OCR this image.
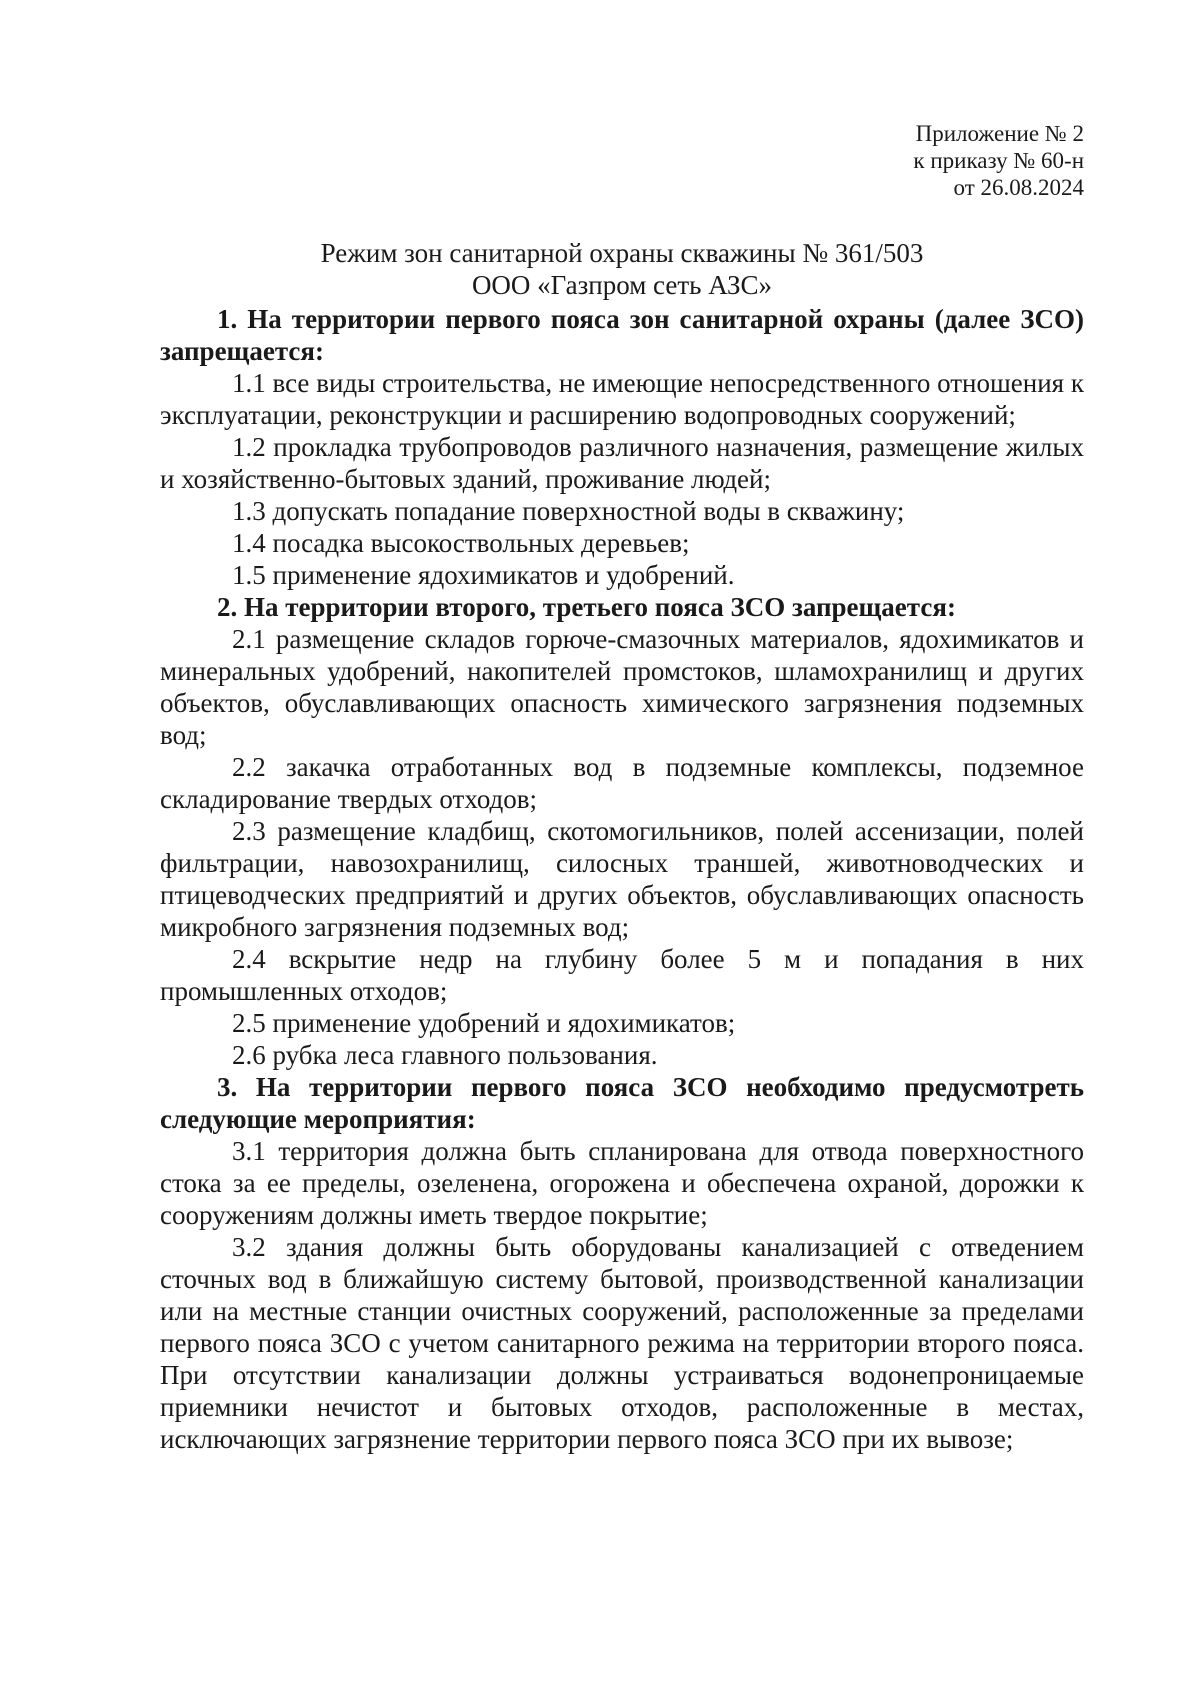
Приложение № 2
к приказу № 60-н
от 26.08.2024
Режим зон санитарной охраны скважины № 361/503
ООО «Газпром сеть АЗС»

1. На территории первого пояса зон санитарной охраны (далее ЗСО) запрещается:

1.1 все виды строительства, не имеющие непосредственного отношения к эксплуатации, реконструкции и расширению водопроводных сооружений;

1.2 прокладка трубопроводов различного назначения, размещение жилых и хозяйственно-бытовых зданий, проживание людей;

1.3 допускать попадание поверхностной воды в скважину;

1.4 посадка высокоствольных деревьев;

1.5 применение ядохимикатов и удобрений.

2. На территории второго, третьего пояса ЗСО запрещается:

2.1 размещение складов горюче-смазочных материалов, ядохимикатов и минеральных удобрений, накопителей промстоков, шламохранилищ и других объектов, обуславливающих опасность химического загрязнения подземных вод;

2.2 закачка отработанных вод в подземные комплексы, подземное складирование твердых отходов;

2.3 размещение кладбищ, скотомогильников, полей ассенизации, полей фильтрации, навозохранилищ, силосных траншей, животноводческих и птицеводческих предприятий и других объектов, обуславливающих опасность микробного загрязнения подземных вод;

2.4 вскрытие недр на глубину более 5 м и попадания в них промышленных отходов;

2.5 применение удобрений и ядохимикатов;

2.6 рубка леса главного пользования.

3. На территории первого пояса ЗСО необходимо предусмотреть следующие мероприятия:

3.1 территория должна быть спланирована для отвода поверхностного стока за ее пределы, озеленена, огорожена и обеспечена охраной, дорожки к сооружениям должны иметь твердое покрытие;

3.2 здания должны быть оборудованы канализацией с отведением сточных вод в ближайшую систему бытовой, производственной канализации или на местные станции очистных сооружений, расположенные за пределами первого пояса ЗСО с учетом санитарного режима на территории второго пояса. При отсутствии канализации должны устраиваться водонепроницаемые приемники нечистот и бытовых отходов, расположенные в местах, исключающих загрязнение территории первого пояса ЗСО при их вывозе;
